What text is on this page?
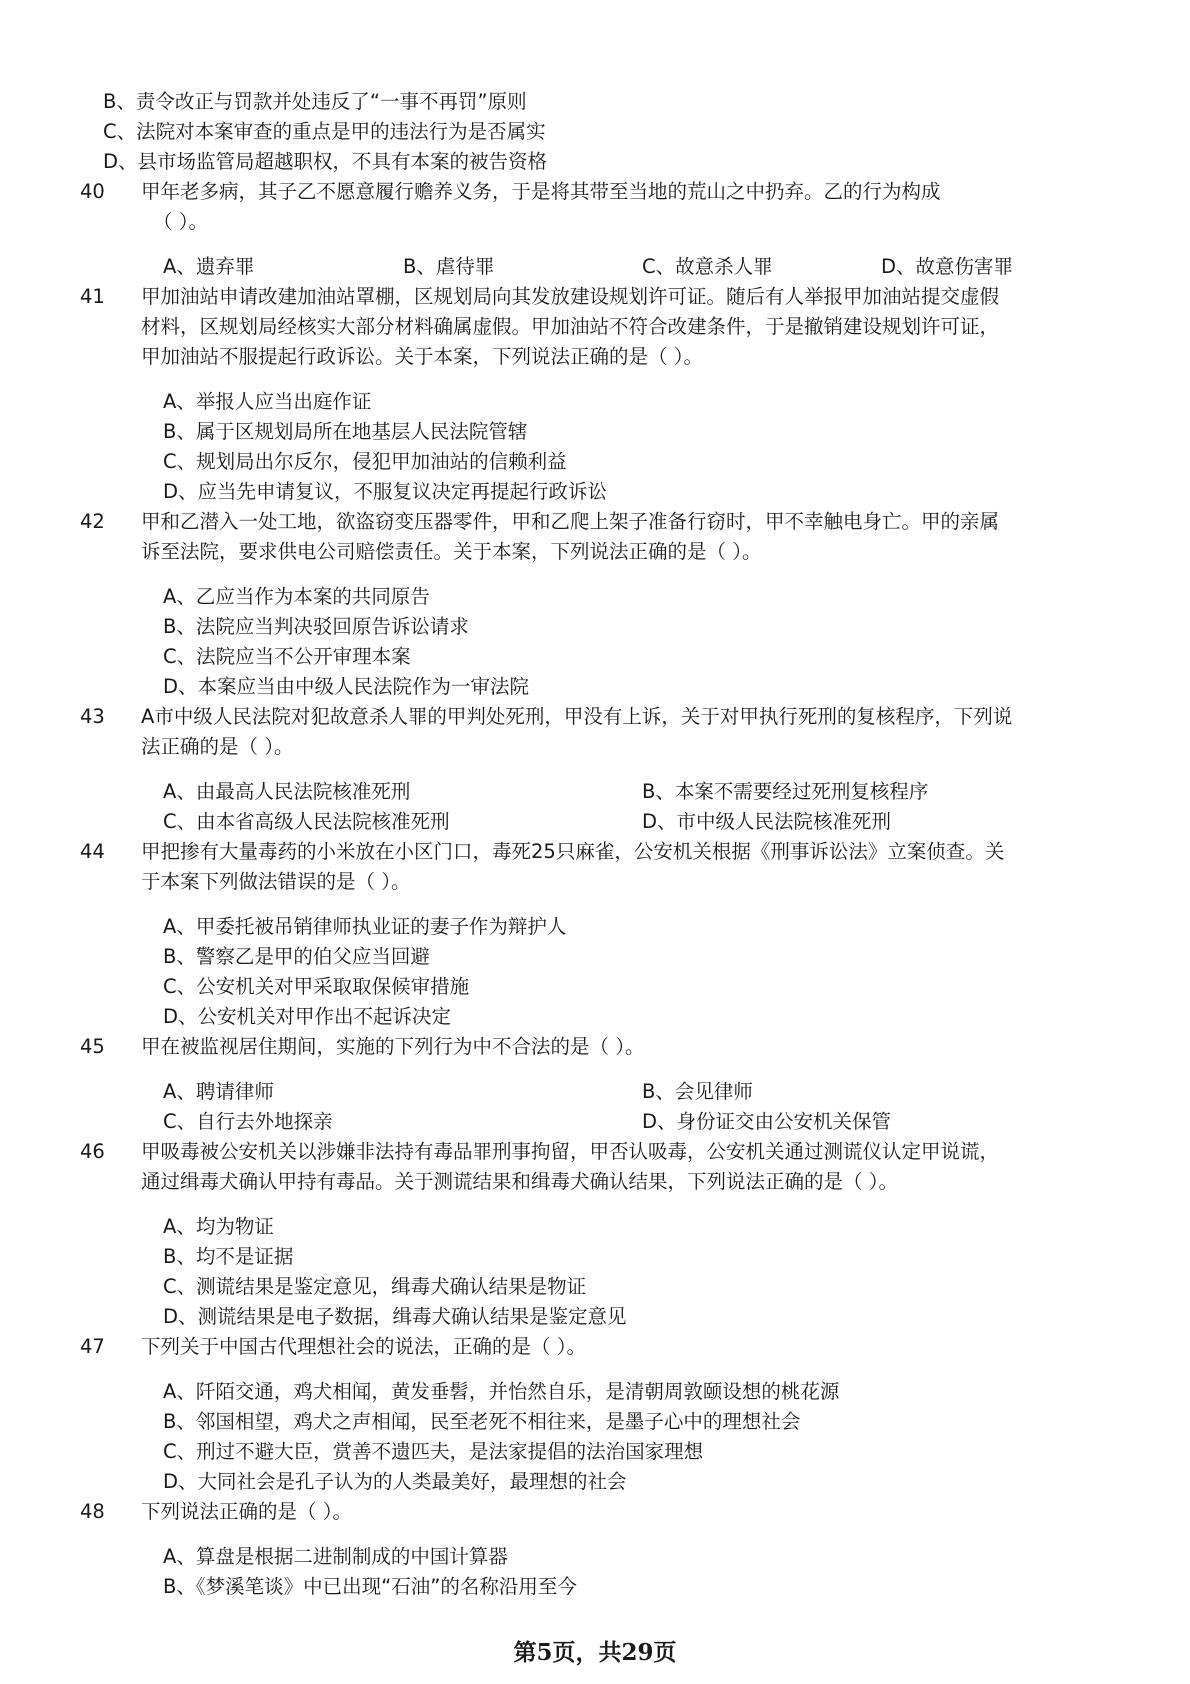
B、责令改正与罚款并处违反了“一事不再罚”原则
C、法院对本案审查的重点是甲的违法行为是否属实
D、县市场监管局超越职权，不具有本案的被告资格
40 甲年老多病，其子乙不愿意履行赡养义务，于是将其带至当地的荒山之中扔弃。乙的行为构成
（ ）。
A、遗弃罪	B、虐待罪	C、故意杀人罪	D、故意伤害罪
41 甲加油站申请改建加油站罩棚，区规划局向其发放建设规划许可证。随后有人举报甲加油站提交虚假
材料，区规划局经核实大部分材料确属虚假。甲加油站不符合改建条件，于是撤销建设规划许可证，
甲加油站不服提起行政诉讼。关于本案，下列说法正确的是（ ）。
A、举报人应当出庭作证
B、属于区规划局所在地基层人民法院管辖
C、规划局出尔反尔，侵犯甲加油站的信赖利益
D、应当先申请复议，不服复议决定再提起行政诉讼
42 甲和乙潜入一处工地，欲盗窃变压器零件，甲和乙爬上架子准备行窃时，甲不幸触电身亡。甲的亲属
诉至法院，要求供电公司赔偿责任。关于本案，下列说法正确的是（ ）。
A、乙应当作为本案的共同原告
B、法院应当判决驳回原告诉讼请求
C、法院应当不公开审理本案
D、本案应当由中级人民法院作为一审法院
43 A市中级人民法院对犯故意杀人罪的甲判处死刑，甲没有上诉，关于对甲执行死刑的复核程序，下列说
法正确的是（ ）。
A、由最高人民法院核准死刑	B、本案不需要经过死刑复核程序
C、由本省高级人民法院核准死刑	D、市中级人民法院核准死刑
44 甲把掺有大量毒药的小米放在小区门口，毒死25只麻雀，公安机关根据《刑事诉讼法》立案侦查。关
于本案下列做法错误的是（ ）。
A、甲委托被吊销律师执业证的妻子作为辩护人
B、警察乙是甲的伯父应当回避
C、公安机关对甲采取取保候审措施
D、公安机关对甲作出不起诉决定
45 甲在被监视居住期间，实施的下列行为中不合法的是（ ）。
A、聘请律师	B、会见律师
C、自行去外地探亲	D、身份证交由公安机关保管
46 甲吸毒被公安机关以涉嫌非法持有毒品罪刑事拘留，甲否认吸毒，公安机关通过测谎仪认定甲说谎，
通过缉毒犬确认甲持有毒品。关于测谎结果和缉毒犬确认结果，下列说法正确的是（ ）。
A、均为物证
B、均不是证据
C、测谎结果是鉴定意见，缉毒犬确认结果是物证
D、测谎结果是电子数据，缉毒犬确认结果是鉴定意见
47 下列关于中国古代理想社会的说法，正确的是（ ）。
A、阡陌交通，鸡犬相闻，黄发垂髫，并怡然自乐，是清朝周敦颐设想的桃花源
B、邻国相望，鸡犬之声相闻，民至老死不相往来，是墨子心中的理想社会
C、刑过不避大臣，赏善不遗匹夫，是法家提倡的法治国家理想
D、大同社会是孔子认为的人类最美好，最理想的社会
48 下列说法正确的是（ ）。
A、算盘是根据二进制制成的中国计算器
B、《梦溪笔谈》中已出现“石油”的名称沿用至今
第5页，共29页
